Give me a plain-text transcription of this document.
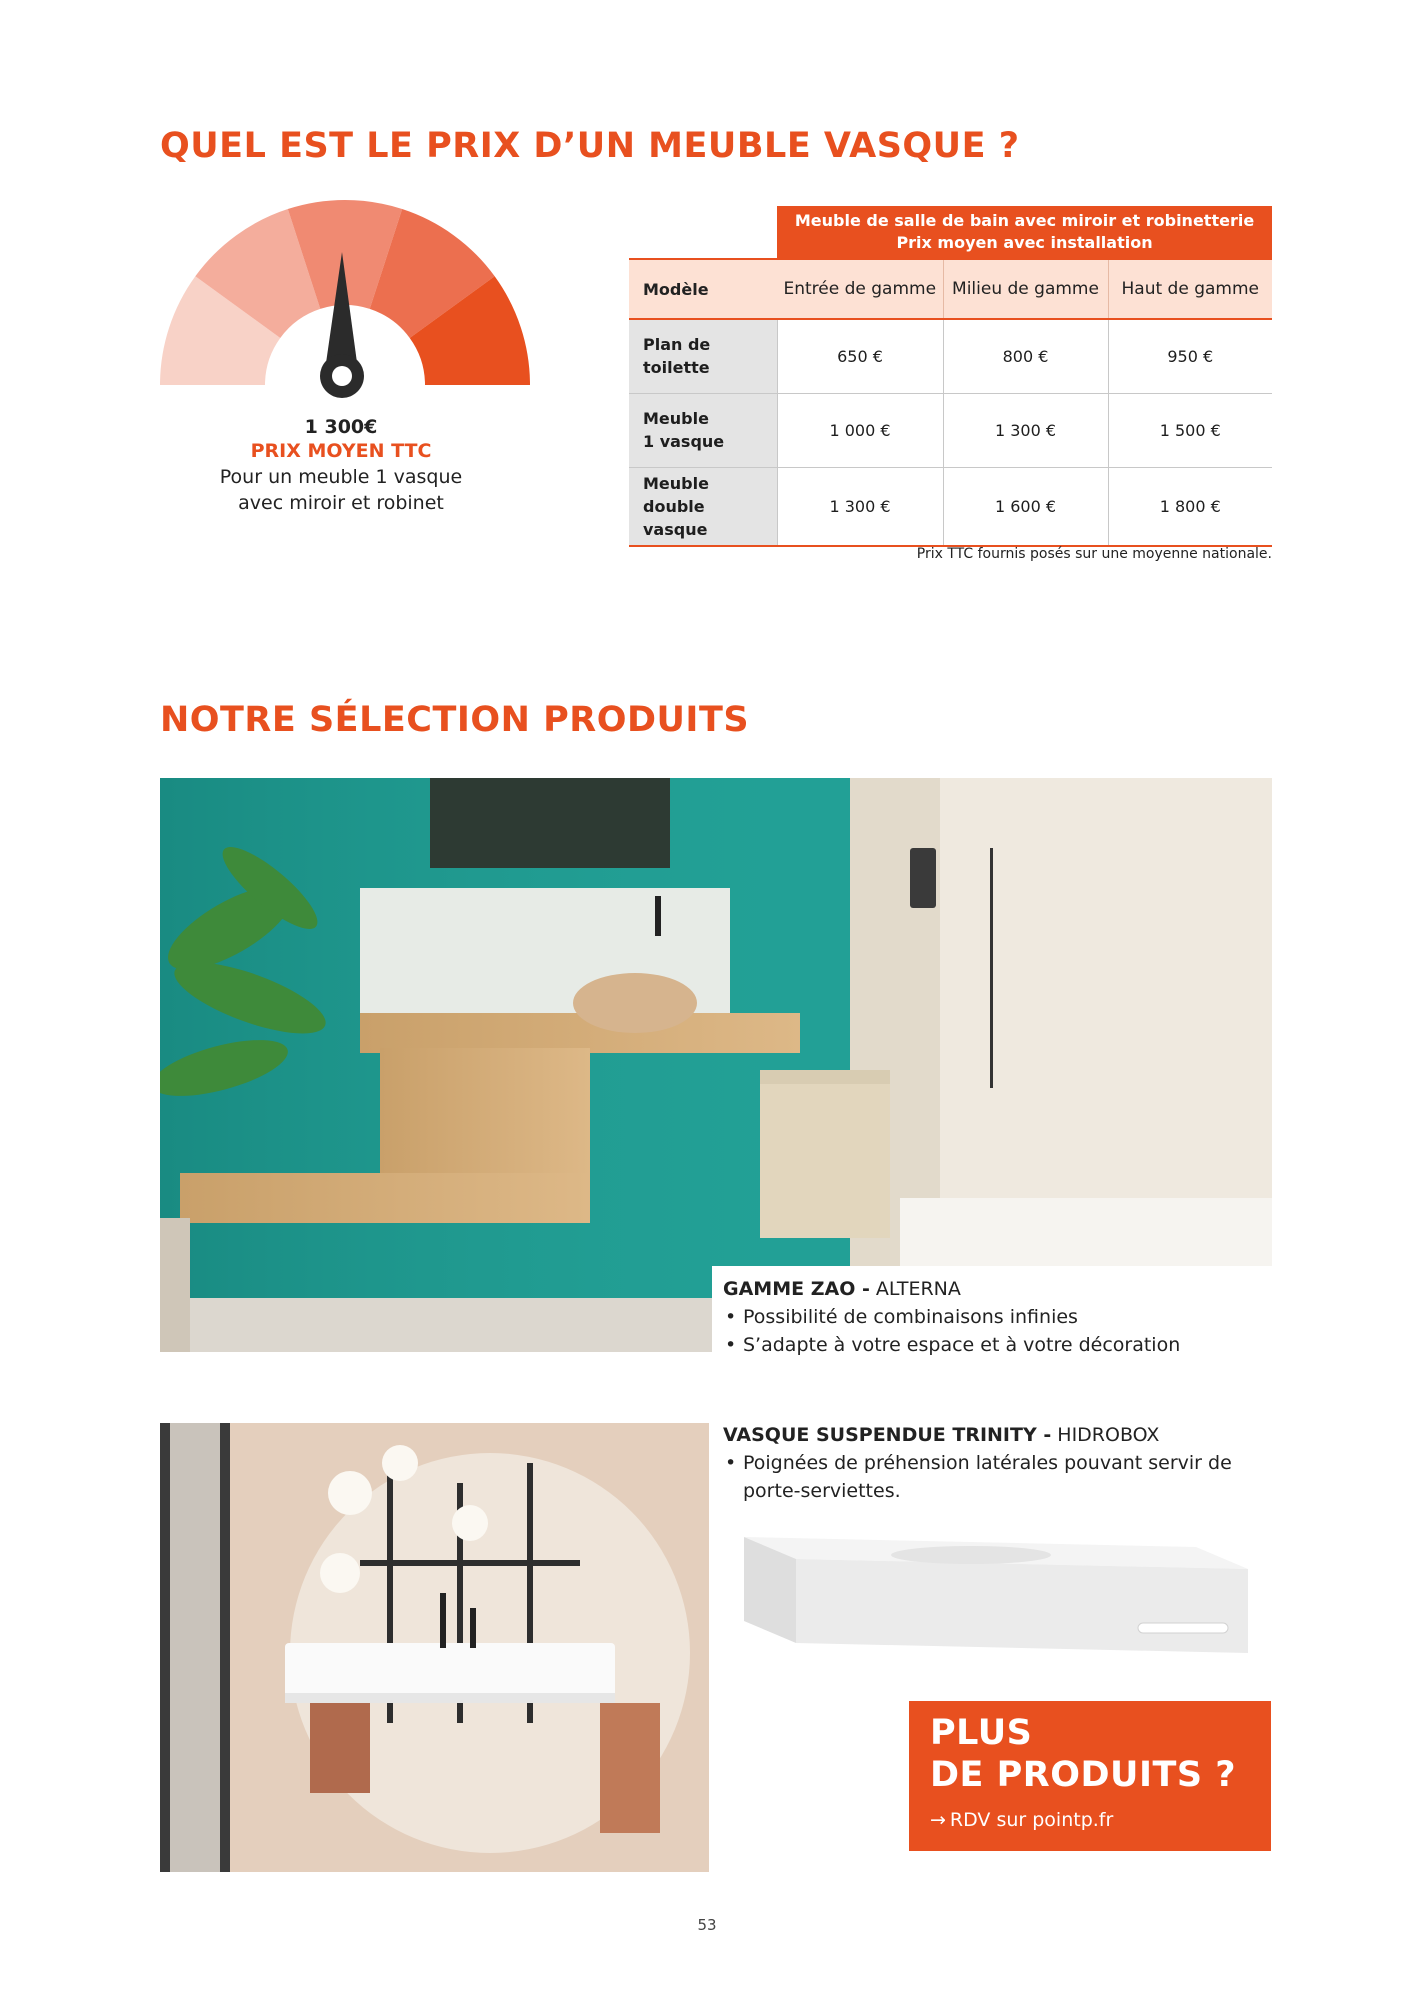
QUEL EST LE PRIX D’UN MEUBLE VASQUE ?
1 300€
PRIX MOYEN TTC
Pour un meuble 1 vasque
avec miroir et robinet

	Meuble de salle de bain avec miroir et robinetterie
Prix moyen avec installation		

Modèle	Entrée de gamme	Milieu de gamme	Haut de gamme
Plan de
toilette	650 €	800 €	950 €
Meuble
1 vasque	1 000 €	1 300 €	1 500 €
Meuble
double vasque	1 300 €	1 600 €	1 800 €
Prix TTC fournis posés sur une moyenne nationale.
NOTRE SÉLECTION PRODUITS
GAMME ZAO - ALTERNA
• Possibilité de combinaisons infinies
• S’adapte à votre espace et à votre décoration
VASQUE SUSPENDUE TRINITY - HIDROBOX
• Poignées de préhension latérales pouvant servir de
porte-serviettes.
PLUS
DE PRODUITS ?
→ RDV sur pointp.fr
53
